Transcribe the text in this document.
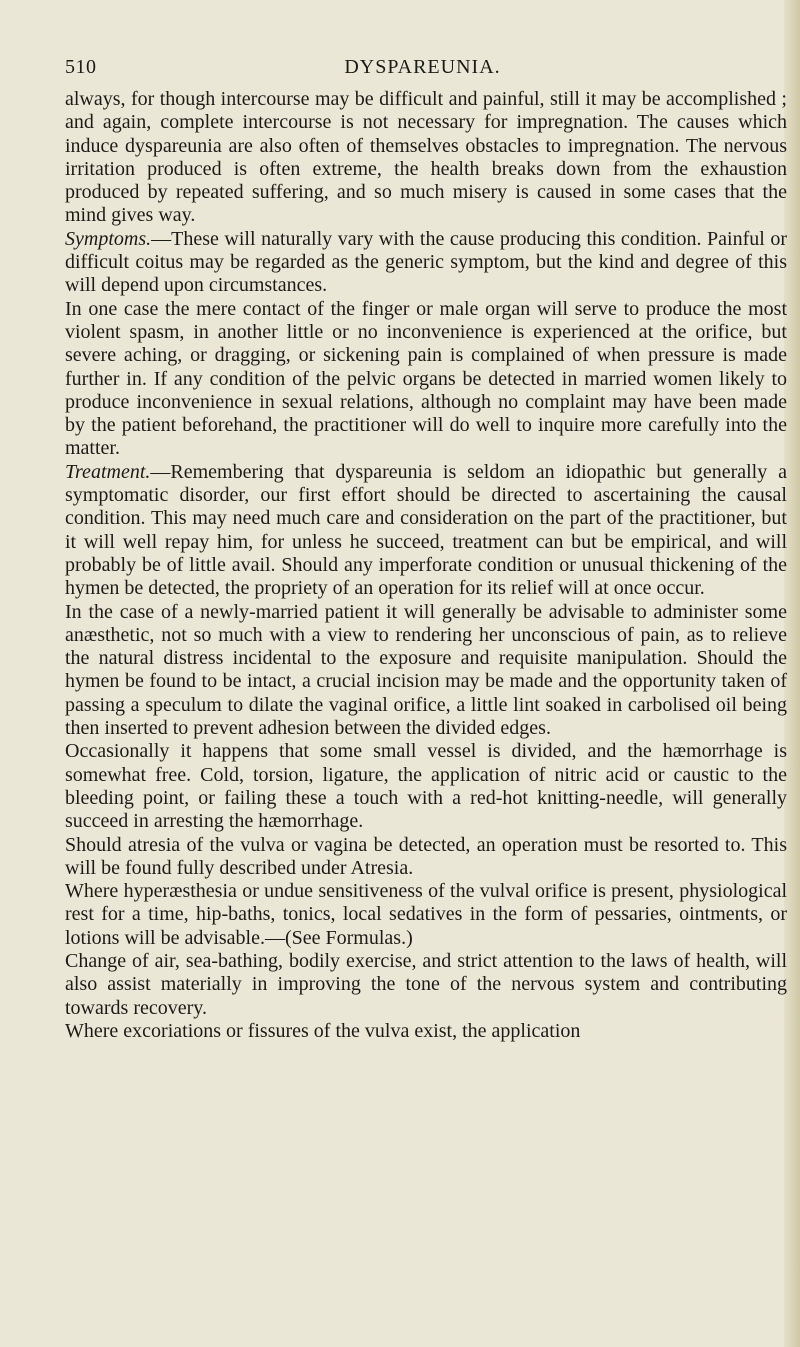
510	DYSPAREUNIA.

always, for though intercourse may be difficult and painful, still it may be accomplished ; and again, complete intercourse is not necessary for impregnation. The causes which induce dyspareunia are also often of themselves obstacles to impregnation. The nervous irritation produced is often extreme, the health breaks down from the exhaustion produced by repeated suffering, and so much misery is caused in some cases that the mind gives way.

Symptoms.—These will naturally vary with the cause producing this condition. Painful or difficult coitus may be regarded as the generic symptom, but the kind and degree of this will depend upon circumstances.

In one case the mere contact of the finger or male organ will serve to produce the most violent spasm, in another little or no inconvenience is experienced at the orifice, but severe aching, or dragging, or sickening pain is complained of when pressure is made further in. If any condition of the pelvic organs be detected in married women likely to produce inconvenience in sexual relations, although no complaint may have been made by the patient beforehand, the practitioner will do well to inquire more carefully into the matter.

Treatment.—Remembering that dyspareunia is seldom an idiopathic but generally a symptomatic disorder, our first effort should be directed to ascertaining the causal condition. This may need much care and consideration on the part of the practitioner, but it will well repay him, for unless he succeed, treatment can but be empirical, and will probably be of little avail. Should any imperforate condition or unusual thickening of the hymen be detected, the propriety of an operation for its relief will at once occur.

In the case of a newly-married patient it will generally be advisable to administer some anæsthetic, not so much with a view to rendering her unconscious of pain, as to relieve the natural distress incidental to the exposure and requisite manipulation. Should the hymen be found to be intact, a crucial incision may be made and the opportunity taken of passing a speculum to dilate the vaginal orifice, a little lint soaked in carbolised oil being then inserted to prevent adhesion between the divided edges.

Occasionally it happens that some small vessel is divided, and the hæmorrhage is somewhat free. Cold, torsion, ligature, the application of nitric acid or caustic to the bleeding point, or failing these a touch with a red-hot knitting-needle, will generally succeed in arresting the hæmorrhage.

Should atresia of the vulva or vagina be detected, an operation must be resorted to. This will be found fully described under Atresia.

Where hyperæsthesia or undue sensitiveness of the vulval orifice is present, physiological rest for a time, hip-baths, tonics, local sedatives in the form of pessaries, ointments, or lotions will be advisable.—(See Formulas.)

Change of air, sea-bathing, bodily exercise, and strict attention to the laws of health, will also assist materially in improving the tone of the nervous system and contributing towards recovery.

Where excoriations or fissures of the vulva exist, the application
